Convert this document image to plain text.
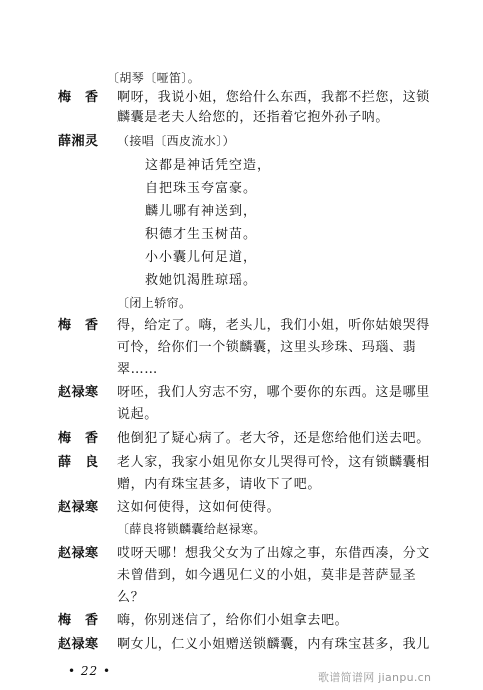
〔胡琴〔哑笛〕。
梅　香	啊呀，我说小姐，您给什么东西，我都不拦您，这锁
麟囊是老夫人给您的，还指着它抱外孙子呐。
薛湘灵	（接唱〔西皮流水〕）
这都是神话凭空造，
自把珠玉夸富豪。
麟儿哪有神送到，
积德才生玉树苗。
小小囊儿何足道，
救她饥渴胜琼瑶。
〔闭上轿帘。
梅　香	得，给定了。嗨，老头儿，我们小姐，听你姑娘哭得
可怜，给你们一个锁麟囊，这里头珍珠、玛瑙、翡
翠……
赵禄寒	呀呸，我们人穷志不穷，哪个要你的东西。这是哪里
说起。
梅　香	他倒犯了疑心病了。老大爷，还是您给他们送去吧。
薛　良	老人家，我家小姐见你女儿哭得可怜，这有锁麟囊相
赠，内有珠宝甚多，请收下了吧。
赵禄寒	这如何使得，这如何使得。
〔薛良将锁麟囊给赵禄寒。
赵禄寒	哎呀天哪！想我父女为了出嫁之事，东借西凑，分文
未曾借到，如今遇见仁义的小姐，莫非是菩萨显圣
么？
梅　香	嗨，你别迷信了，给你们小姐拿去吧。
赵禄寒	啊女儿，仁义小姐赠送锁麟囊，内有珠宝甚多，我儿
• 22 •	歌谱简谱网 jianpu.cn
